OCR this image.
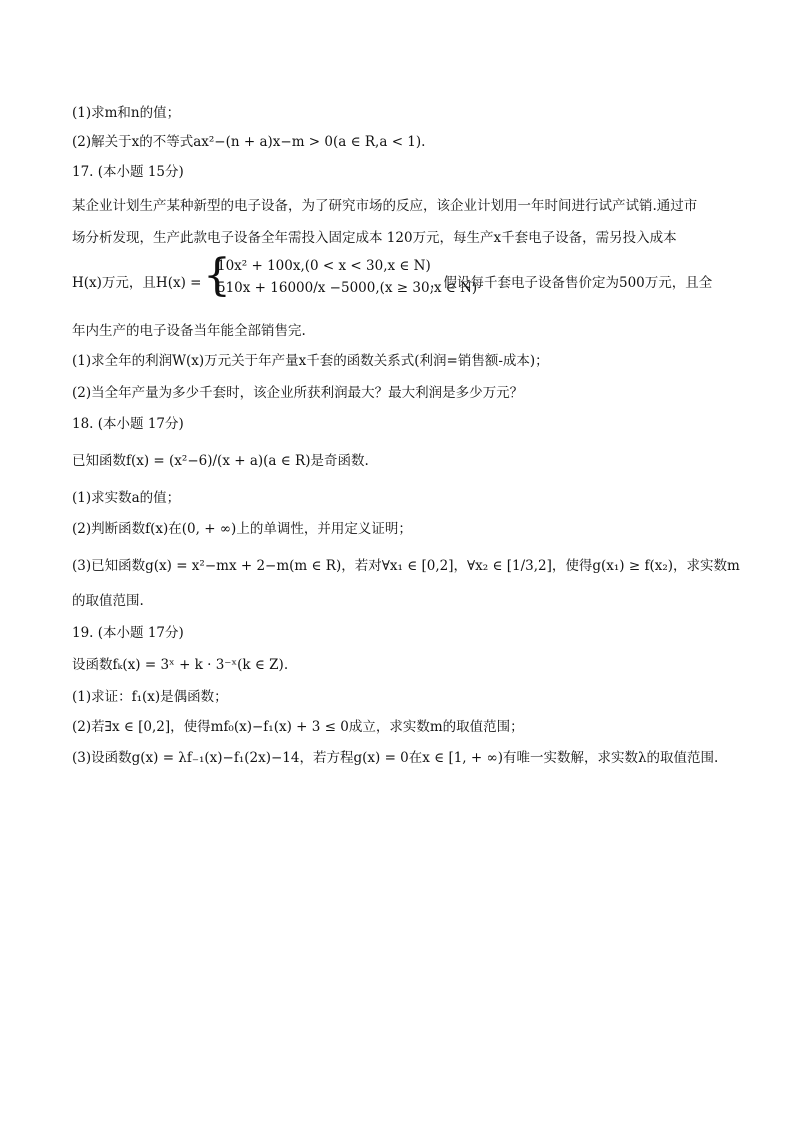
(1)求m和n的值；
(2)解关于x的不等式ax²−(n + a)x−m > 0(a ∈ R,a < 1).
17. (本小题 15分)
某企业计划生产某种新型的电子设备，为了研究市场的反应，该企业计划用一年时间进行试产试销.通过市
场分析发现，生产此款电子设备全年需投入固定成本 120万元，每生产x千套电子设备，需另投入成本
H(x)万元，且H(x) = {
10x² + 100x,(0 < x < 30,x ∈ N)
510x + 16000/x −5000,(x ≥ 30,x ∈ N)
，假设每千套电子设备售价定为500万元，且全
年内生产的电子设备当年能全部销售完.
(1)求全年的利润W(x)万元关于年产量x千套的函数关系式(利润=销售额-成本)；
(2)当全年产量为多少千套时，该企业所获利润最大？最大利润是多少万元？
18. (本小题 17分)
已知函数f(x) = (x²−6)/(x + a)(a ∈ R)是奇函数.
(1)求实数a的值；
(2)判断函数f(x)在(0, + ∞)上的单调性，并用定义证明；
(3)已知函数g(x) = x²−mx + 2−m(m ∈ R)，若对∀x₁ ∈ [0,2]，∀x₂ ∈ [1/3,2]，使得g(x₁) ≥ f(x₂)，求实数m
的取值范围.
19. (本小题 17分)
设函数fₖ(x) = 3ˣ + k · 3⁻ˣ(k ∈ Z).
(1)求证：f₁(x)是偶函数；
(2)若∃x ∈ [0,2]，使得mf₀(x)−f₁(x) + 3 ≤ 0成立，求实数m的取值范围；
(3)设函数g(x) = λf₋₁(x)−f₁(2x)−14，若方程g(x) = 0在x ∈ [1, + ∞)有唯一实数解，求实数λ的取值范围.
